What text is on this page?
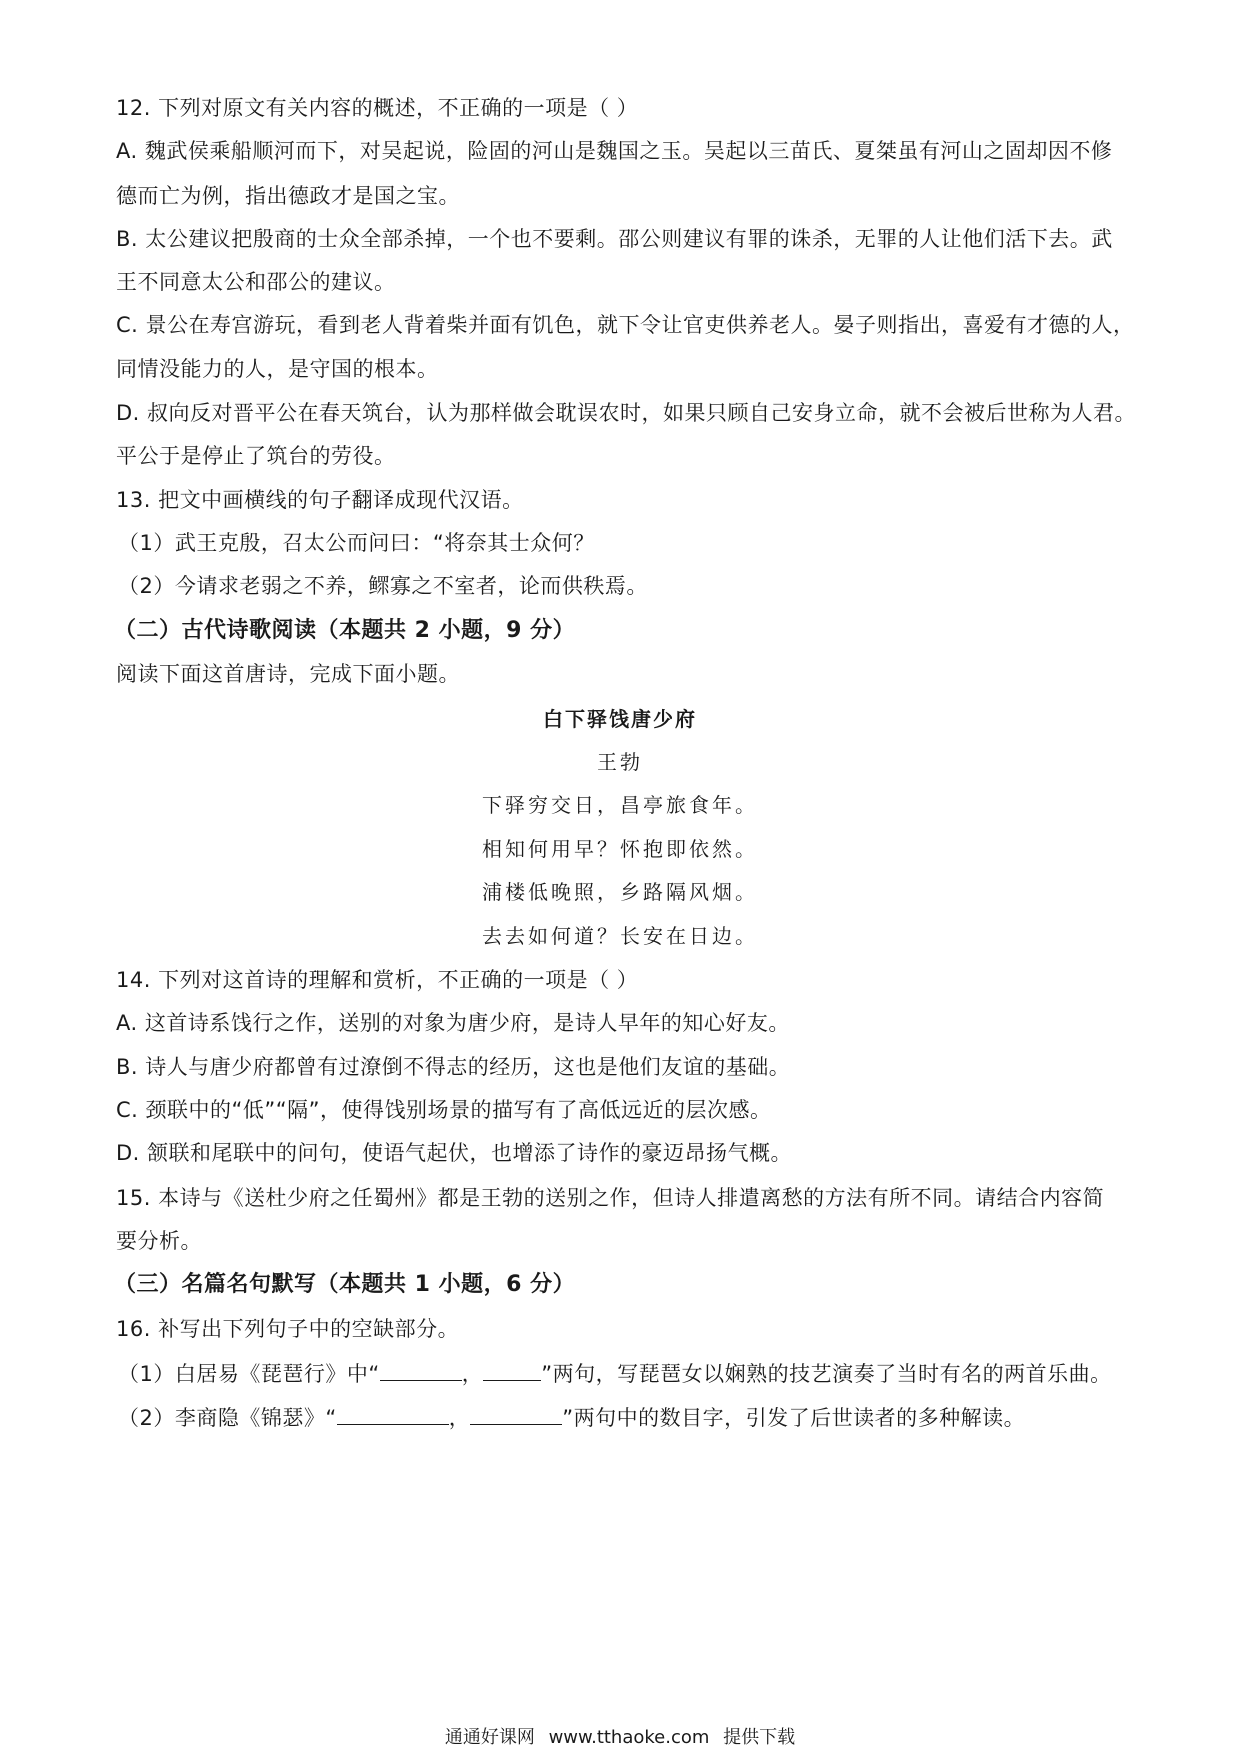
12. 下列对原文有关内容的概述，不正确的一项是（ ）
A. 魏武侯乘船顺河而下，对吴起说，险固的河山是魏国之玉。吴起以三苗氏、夏桀虽有河山之固却因不修
德而亡为例，指出德政才是国之宝。
B. 太公建议把殷商的士众全部杀掉，一个也不要剩。邵公则建议有罪的诛杀，无罪的人让他们活下去。武
王不同意太公和邵公的建议。
C. 景公在寿宫游玩，看到老人背着柴并面有饥色，就下令让官吏供养老人。晏子则指出，喜爱有才德的人，
同情没能力的人，是守国的根本。
D. 叔向反对晋平公在春天筑台，认为那样做会耽误农时，如果只顾自己安身立命，就不会被后世称为人君。
平公于是停止了筑台的劳役。
13. 把文中画横线的句子翻译成现代汉语。
（1）武王克殷，召太公而问曰：“将奈其士众何？
（2）今请求老弱之不养，鳏寡之不室者，论而供秩焉。
（二）古代诗歌阅读（本题共 2 小题，9 分）
阅读下面这首唐诗，完成下面小题。
白下驿饯唐少府
王勃
下驿穷交日，昌亭旅食年。
相知何用早？怀抱即依然。
浦楼低晚照，乡路隔风烟。
去去如何道？长安在日边。
14. 下列对这首诗的理解和赏析，不正确的一项是（ ）
A. 这首诗系饯行之作，送别的对象为唐少府，是诗人早年的知心好友。
B. 诗人与唐少府都曾有过潦倒不得志的经历，这也是他们友谊的基础。
C. 颈联中的“低”“隔”，使得饯别场景的描写有了高低远近的层次感。
D. 颔联和尾联中的问句，使语气起伏，也增添了诗作的豪迈昂扬气概。
15. 本诗与《送杜少府之任蜀州》都是王勃的送别之作，但诗人排遣离愁的方法有所不同。请结合内容简
要分析。
（三）名篇名句默写（本题共 1 小题，6 分）
16. 补写出下列句子中的空缺部分。
（1）白居易《琵琶行》中“	，	”两句，写琵琶女以娴熟的技艺演奏了当时有名的两首乐曲。
（2）李商隐《锦瑟》“	，	”两句中的数目字，引发了后世读者的多种解读。
通通好课网 www.tthaoke.com 提供下载
